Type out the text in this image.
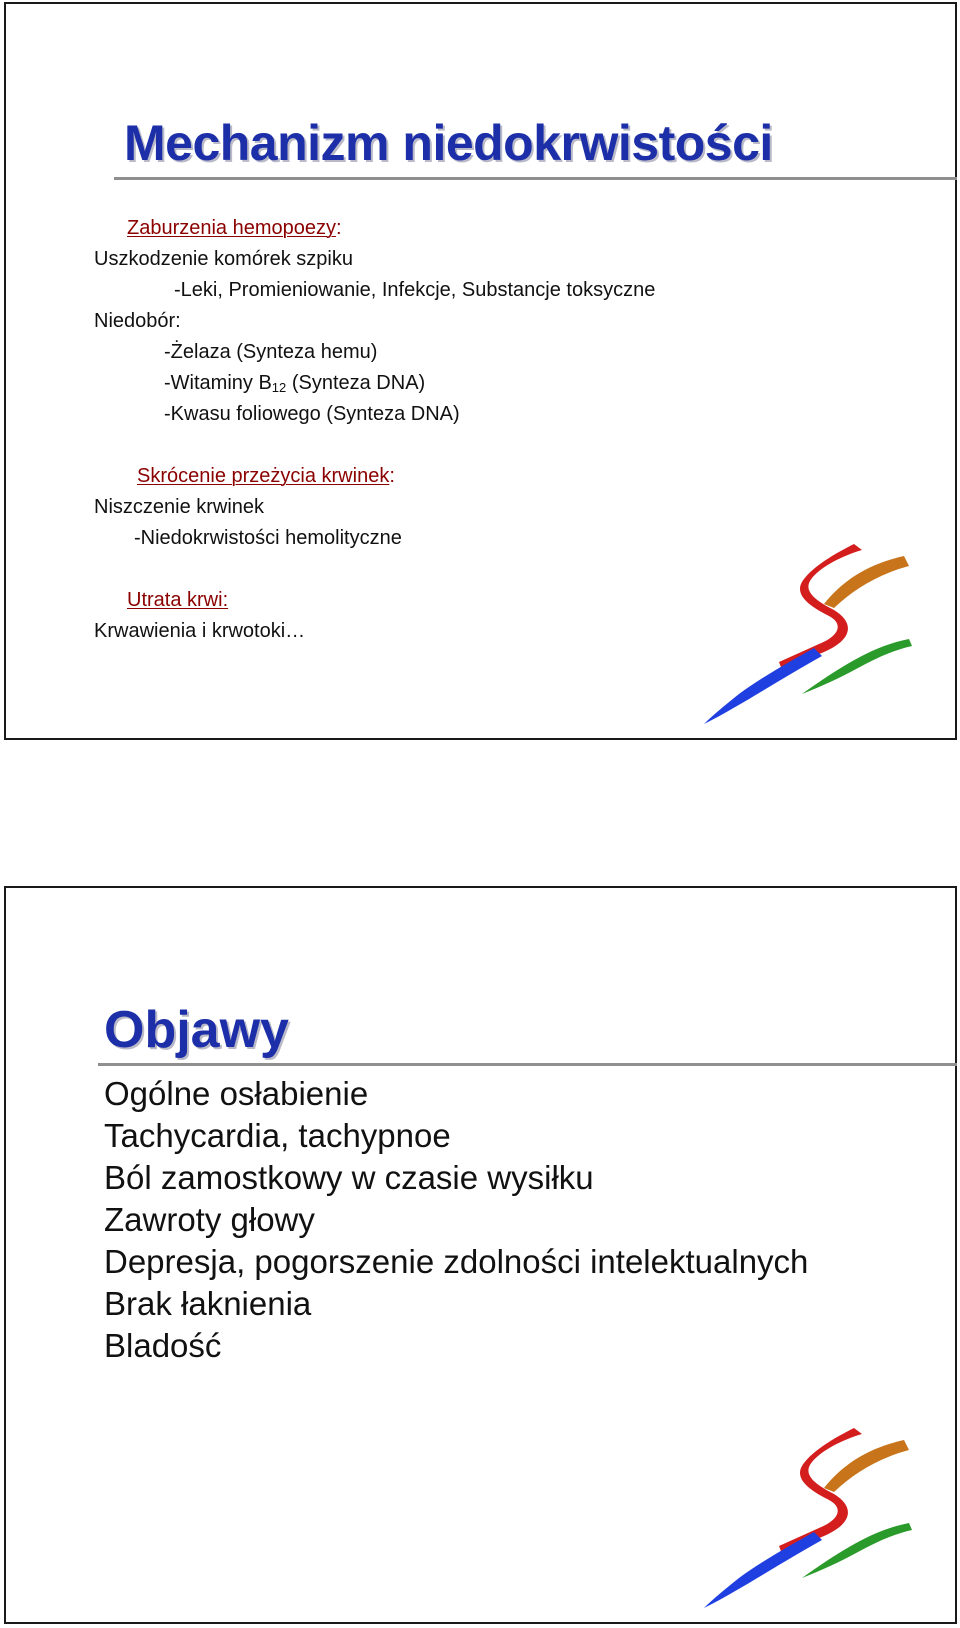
Mechanizm niedokrwistości
Zaburzenia hemopoezy:
Uszkodzenie komórek szpiku
-Leki, Promieniowanie, Infekcje, Substancje toksyczne
Niedobór:
-Żelaza (Synteza hemu)
-Witaminy $B_{12}$ (Synteza DNA)
-Kwasu foliowego (Synteza DNA)
Skrócenie przeżycia krwinek:
Niszczenie krwinek
-Niedokrwistości hemolityczne
Utrata krwi:
Krwawienia i krwotoki…
Objawy
Ogólne osłabienie
Tachycardia, tachypnoe
Ból zamostkowy w czasie wysiłku
Zawroty głowy
Depresja, pogorszenie zdolności intelektualnych
Brak łaknienia
Bladość
